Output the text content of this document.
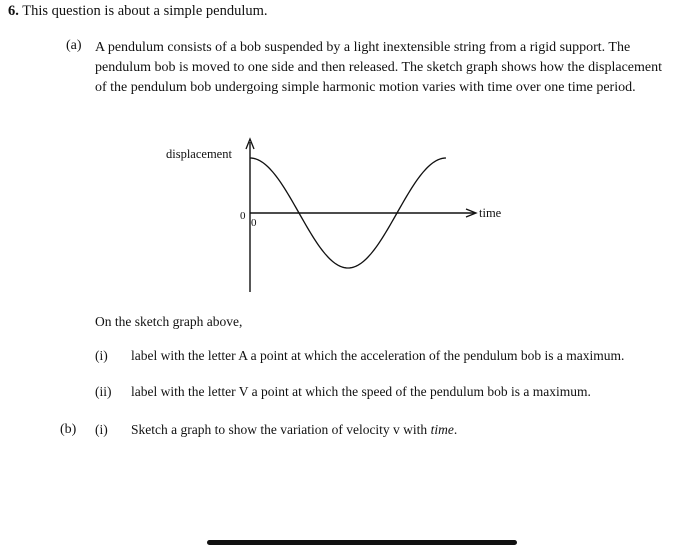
6. This question is about a simple pendulum.
(a) A pendulum consists of a bob suspended by a light inextensible string from a rigid support. The pendulum bob is moved to one side and then released. The sketch graph shows how the displacement of the pendulum bob undergoing simple harmonic motion varies with time over one time period.
displacement
time
0
0
On the sketch graph above,
(i) label with the letter A a point at which the acceleration of the pendulum bob is a maximum.
(ii) label with the letter V a point at which the speed of the pendulum bob is a maximum.
(b) (i) Sketch a graph to show the variation of velocity v with time.
